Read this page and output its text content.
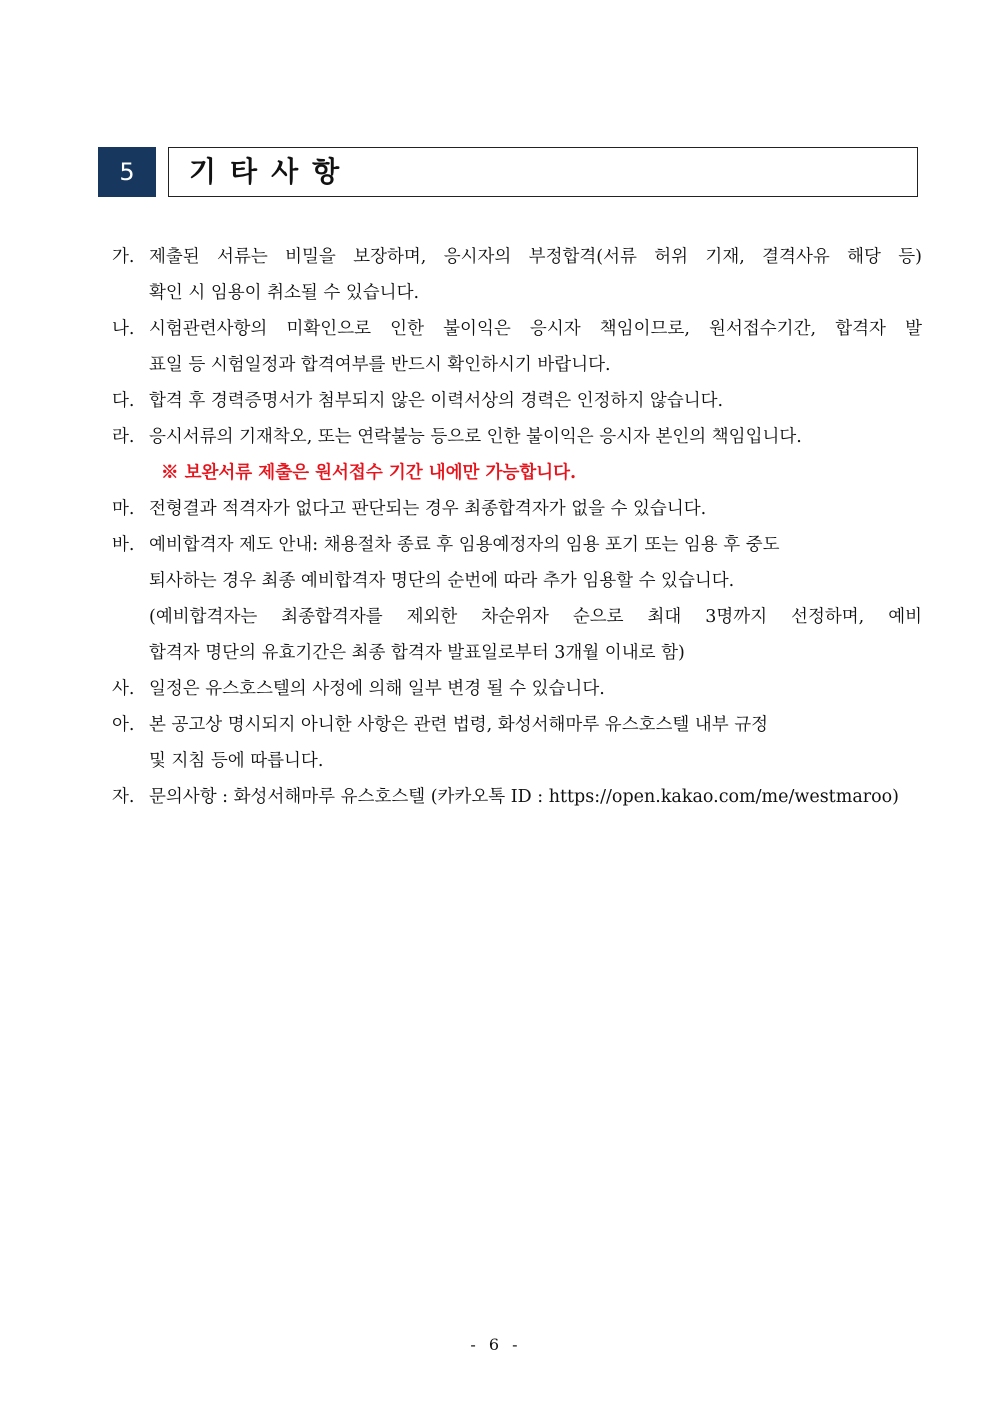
5	기타사항
가. 제출된 서류는 비밀을 보장하며, 응시자의 부정합격(서류 허위 기재, 결격사유 해당 등)
확인 시 임용이 취소될 수 있습니다.
나. 시험관련사항의 미확인으로 인한 불이익은 응시자 책임이므로, 원서접수기간, 합격자 발
표일 등 시험일정과 합격여부를 반드시 확인하시기 바랍니다.
다. 합격 후 경력증명서가 첨부되지 않은 이력서상의 경력은 인정하지 않습니다.
라. 응시서류의 기재착오, 또는 연락불능 등으로 인한 불이익은 응시자 본인의 책임입니다.
※ 보완서류 제출은 원서접수 기간 내에만 가능합니다.
마. 전형결과 적격자가 없다고 판단되는 경우 최종합격자가 없을 수 있습니다.
바. 예비합격자 제도 안내: 채용절차 종료 후 임용예정자의 임용 포기 또는 임용 후 중도
퇴사하는 경우 최종 예비합격자 명단의 순번에 따라 추가 임용할 수 있습니다.
(예비합격자는 최종합격자를 제외한 차순위자 순으로 최대 3명까지 선정하며, 예비
합격자 명단의 유효기간은 최종 합격자 발표일로부터 3개월 이내로 함)
사. 일정은 유스호스텔의 사정에 의해 일부 변경 될 수 있습니다.
아. 본 공고상 명시되지 아니한 사항은 관련 법령, 화성서해마루 유스호스텔 내부 규정
및 지침 등에 따릅니다.
자. 문의사항 : 화성서해마루 유스호스텔 (카카오톡 ID : https://open.kakao.com/me/westmaroo)
- 6 -
